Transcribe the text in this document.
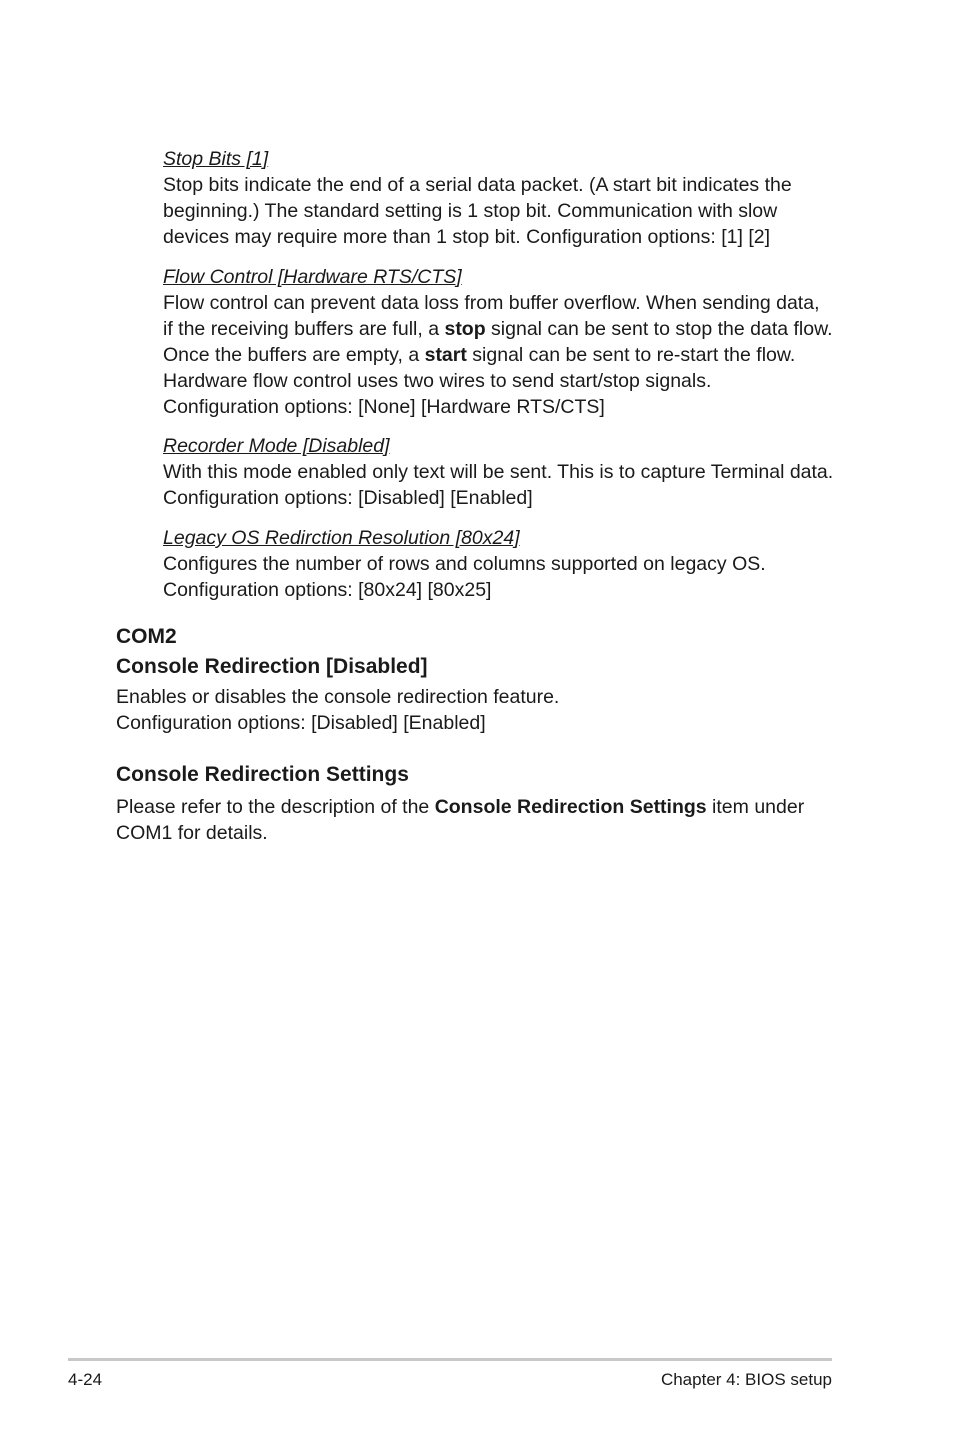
Stop Bits [1]

Stop bits indicate the end of a serial data packet. (A start bit indicates the

beginning.) The standard setting is 1 stop bit. Communication with slow

devices may require more than 1 stop bit. Configuration options: [1] [2]

Flow Control [Hardware RTS/CTS]

Flow control can prevent data loss from buffer overflow. When sending data,

if the receiving buffers are full, a stop signal can be sent to stop the data flow.

Once the buffers are empty, a start signal can be sent to re-start the flow.

Hardware flow control uses two wires to send start/stop signals.

Configuration options: [None] [Hardware RTS/CTS]

Recorder Mode [Disabled]

With this mode enabled only text will be sent. This is to capture Terminal data.

Configuration options: [Disabled] [Enabled]

Legacy OS Redirction Resolution [80x24]

Configures the number of rows and columns supported on legacy OS.

Configuration options: [80x24] [80x25]

COM2
Console Redirection [Disabled]

Enables or disables the console redirection feature.

Configuration options: [Disabled] [Enabled]

Console Redirection Settings

Please refer to the description of the Console Redirection Settings item under

COM1 for details.

4-24	Chapter 4: BIOS setup
